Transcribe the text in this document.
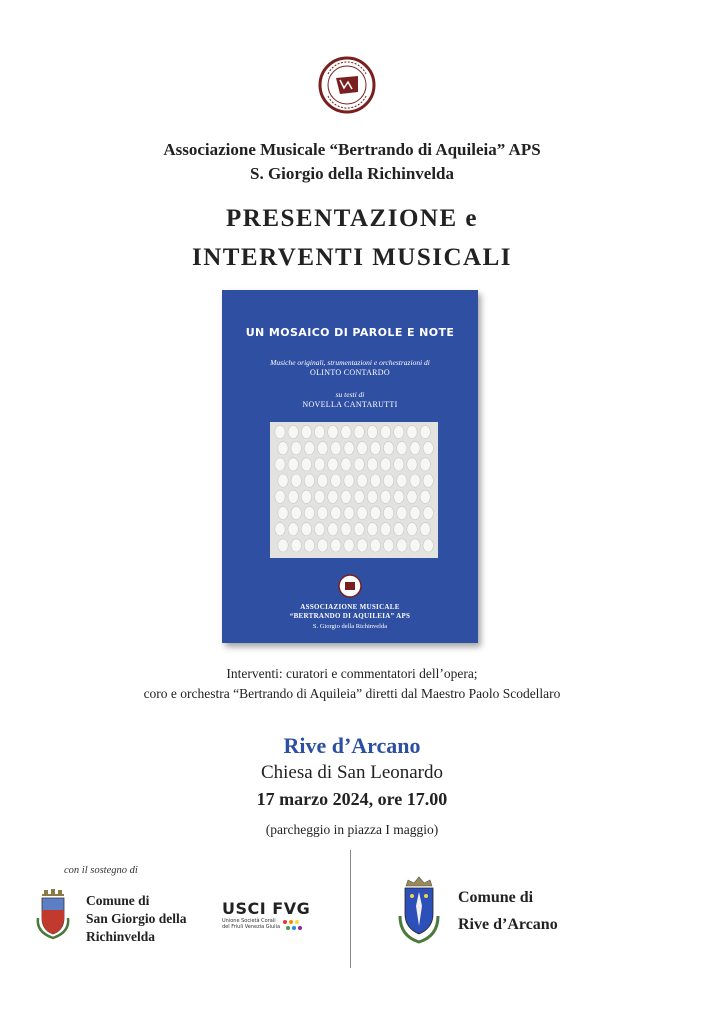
Associazione Musicale “Bertrando di Aquileia” APS
S. Giorgio della Richinvelda
PRESENTAZIONE e
INTERVENTI MUSICALI
UN MOSAICO DI PAROLE E NOTE
Musiche originali, strumentazioni e orchestrazioni di
OLINTO CONTARDO
su testi di
NOVELLA CANTARUTTI
ASSOCIAZIONE MUSICALE
“BERTRANDO DI AQUILEIA” APS
S. Giorgio della Richinvelda
Interventi: curatori e commentatori dell’opera;
coro e orchestra “Bertrando di Aquileia” diretti dal Maestro Paolo Scodellaro
Rive d’Arcano
Chiesa di San Leonardo
17 marzo 2024, ore 17.00
(parcheggio in piazza I maggio)
con il sostegno di
Comune di
San Giorgio della
Richinvelda
USCI FVG
Unione Società Corali
del Friuli Venezia Giulia
Comune di
Rive d’Arcano
